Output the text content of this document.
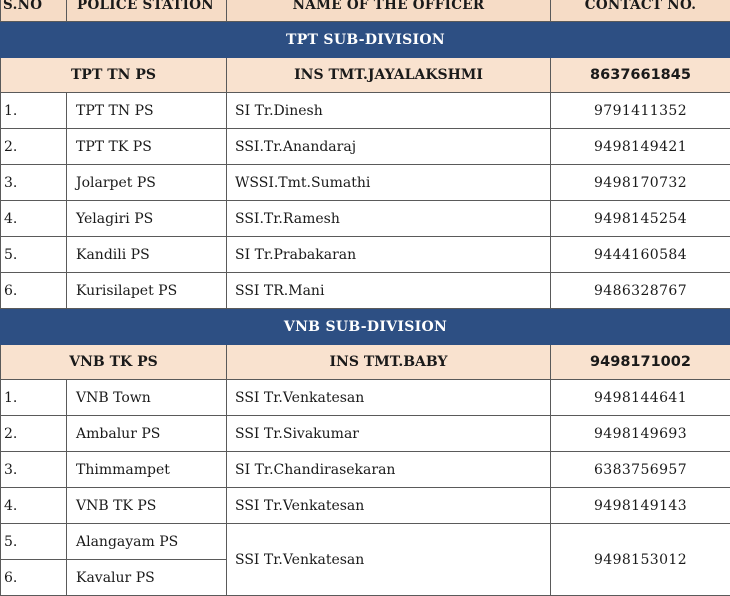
S.NO	POLICE STATION	NAME OF THE OFFICER	CONTACT NO.
TPT SUB-DIVISION			
TPT TN PS		INS TMT.JAYALAKSHMI	8637661845
1.	TPT TN PS	SI Tr.Dinesh	9791411352
2.	TPT TK PS	SSI.Tr.Anandaraj	9498149421
3.	Jolarpet PS	WSSI.Tmt.Sumathi	9498170732
4.	Yelagiri PS	SSI.Tr.Ramesh	9498145254
5.	Kandili PS	SI Tr.Prabakaran	9444160584
6.	Kurisilapet PS	SSI TR.Mani	9486328767
VNB SUB-DIVISION			
VNB TK PS		INS TMT.BABY	9498171002
1.	VNB Town	SSI Tr.Venkatesan	9498144641
2.	Ambalur PS	SSI Tr.Sivakumar	9498149693
3.	Thimmampet	SI Tr.Chandirasekaran	6383756957
4.	VNB TK PS	SSI Tr.Venkatesan	9498149143
5.	Alangayam PS	SSI Tr.Venkatesan	9498153012
6.	Kavalur PS		
